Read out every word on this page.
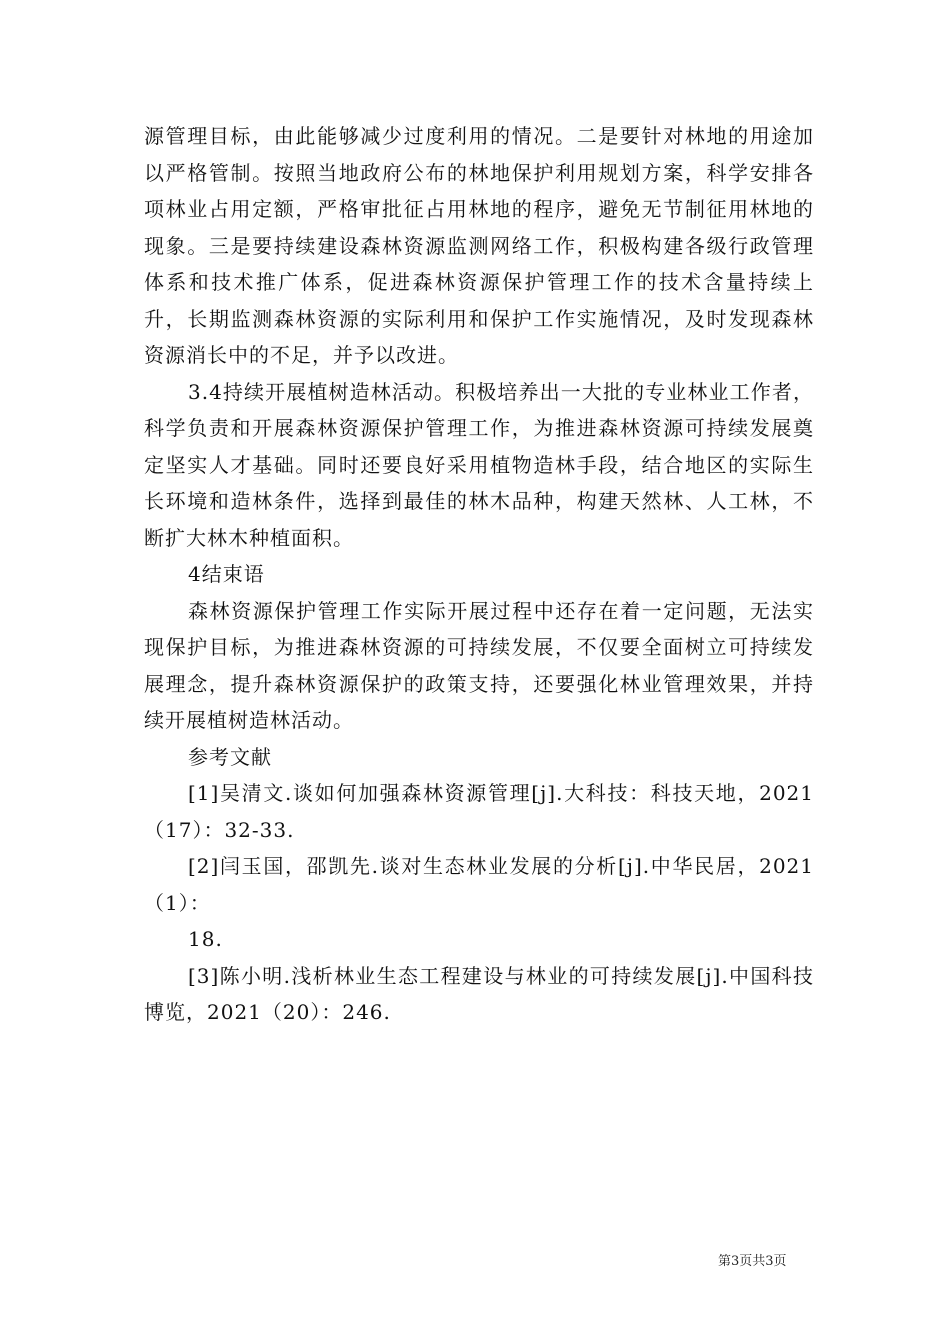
源管理目标，由此能够减少过度利用的情况。二是要针对林地的用途加以严格管制。按照当地政府公布的林地保护利用规划方案，科学安排各项林业占用定额，严格审批征占用林地的程序，避免无节制征用林地的现象。三是要持续建设森林资源监测网络工作，积极构建各级行政管理体系和技术推广体系，促进森林资源保护管理工作的技术含量持续上升，长期监测森林资源的实际利用和保护工作实施情况，及时发现森林资源消长中的不足，并予以改进。

3.4持续开展植树造林活动。积极培养出一大批的专业林业工作者，科学负责和开展森林资源保护管理工作，为推进森林资源可持续发展奠定坚实人才基础。同时还要良好采用植物造林手段，结合地区的实际生长环境和造林条件，选择到最佳的林木品种，构建天然林、人工林，不断扩大林木种植面积。

4结束语

森林资源保护管理工作实际开展过程中还存在着一定问题，无法实现保护目标，为推进森林资源的可持续发展，不仅要全面树立可持续发展理念，提升森林资源保护的政策支持，还要强化林业管理效果，并持续开展植树造林活动。

参考文献

[1]吴清文.谈如何加强森林资源管理[j].大科技：科技天地，2021（17）：32-33.

[2]闫玉国，邵凯先.谈对生态林业发展的分析[j].中华民居，2021（1）：

18.

[3]陈小明.浅析林业生态工程建设与林业的可持续发展[j].中国科技博览，2021（20）：246.

第3页共3页
